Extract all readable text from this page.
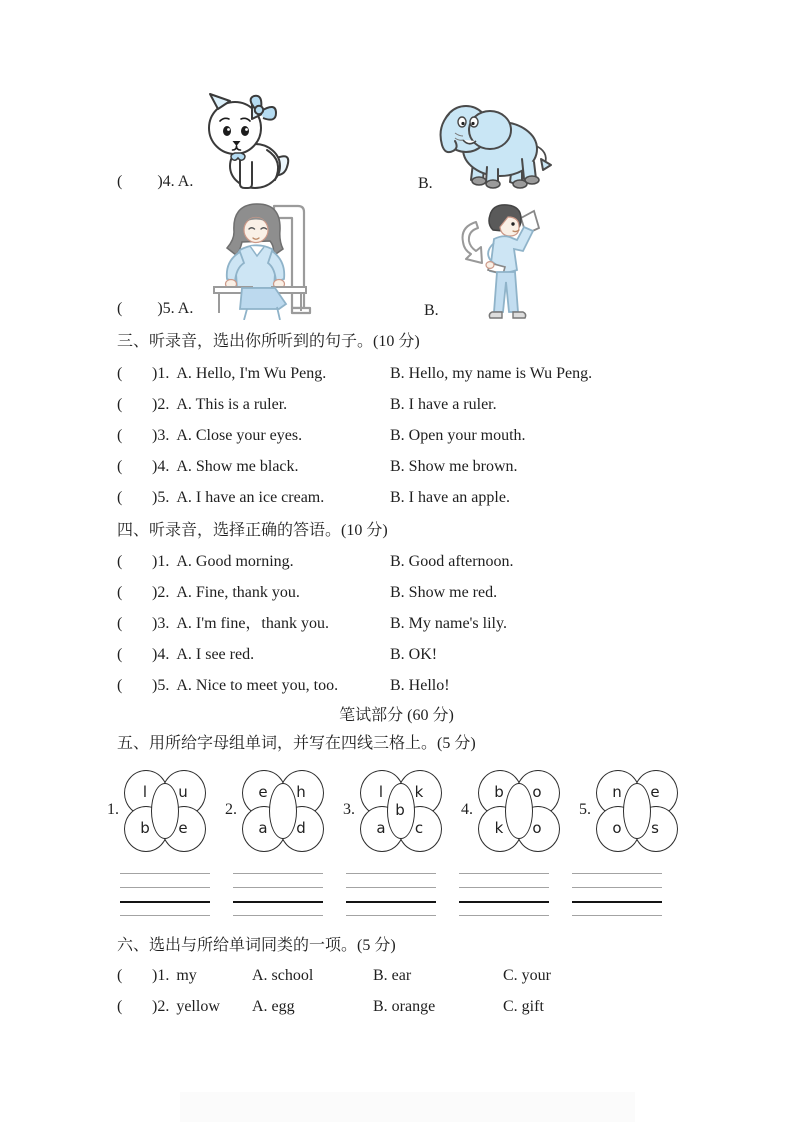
( )4. A.	B.
( )5. A.	B.
三、听录音，选出你所听到的句子。(10 分)
( )1. A. Hello, I'm Wu Peng.	B. Hello, my name is Wu Peng.
( )2. A. This is a ruler.	B. I have a ruler.
( )3. A. Close your eyes.	B. Open your mouth.
( )4. A. Show me black.	B. Show me brown.
( )5. A. I have an ice cream.	B. I have an apple.
四、听录音，选择正确的答语。(10 分)
( )1. A. Good morning.	B. Good afternoon.
( )2. A. Fine, thank you.	B. Show me red.
( )3. A. I'm fine，thank you.	B. My name's lily.
( )4. A. I see red.	B. OK!
( )5. A. Nice to meet you, too.	B. Hello!
笔试部分 (60 分)
五、用所给字母组单词，并写在四线三格上。(5 分)
1.
l u
b e
2.
e h
a d
3.
l k
a c
b	4.
b o
k o
5.
n e
o s
六、选出与所给单词同类的一项。(5 分)
( )1. my	A. school	B. ear	C. your
( )2. yellow A. egg	B. orange	C. gift
